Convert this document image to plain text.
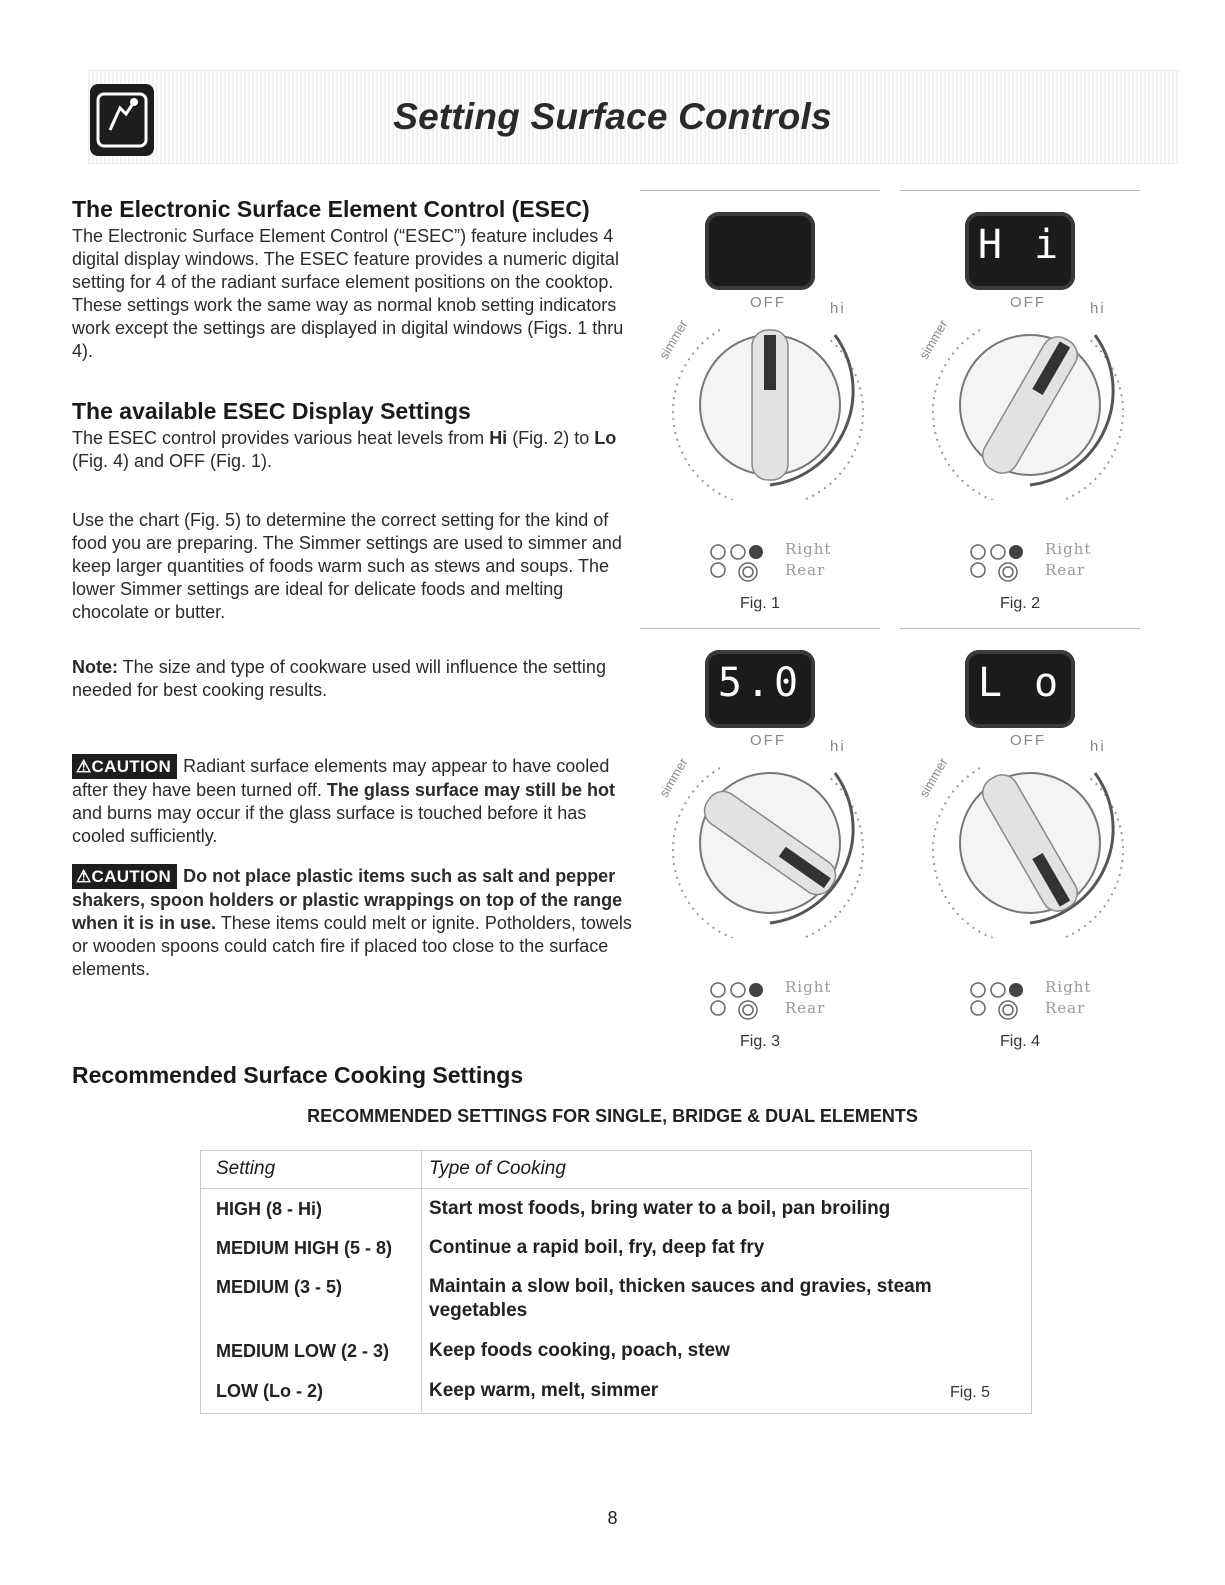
Setting Surface Controls

The Electronic Surface Element Control (ESEC)

The Electronic Surface Element Control (“ESEC”) feature includes 4 digital display windows. The ESEC feature provides a numeric digital setting for 4 of the radiant surface element positions on the cooktop. These settings work the same way as normal knob setting indicators work except the settings are displayed in digital windows (Figs. 1 thru 4).

The available ESEC Display Settings

The ESEC control provides various heat levels from Hi (Fig. 2) to Lo (Fig. 4) and OFF (Fig. 1).

Use the chart (Fig. 5) to determine the correct setting for the kind of food you are preparing. The Simmer settings are used to simmer and keep larger quantities of foods warm such as stews and soups. The lower Simmer settings are ideal for delicate foods and melting chocolate or butter.

Note: The size and type of cookware used will influence the setting needed for best cooking results.

⚠CAUTION Radiant surface elements may appear to have cooled after they have been turned off. The glass surface may still be hot and burns may occur if the glass surface is touched before it has cooled sufficiently.

⚠CAUTION Do not place plastic items such as salt and pepper shakers, spoon holders or plastic wrappings on top of the range when it is in use. These items could melt or ignite. Potholders, towels or wooden spoons could catch fire if placed too close to the surface elements.

OFF	hi
simmer
Right
Rear
Fig. 1
H i
OFF	hi
simmer
Right
Rear
Fig. 2
5.0
OFF	hi
simmer
Right
Rear
Fig. 3
L o
OFF	hi
simmer
Right
Rear
Fig. 4
Recommended Surface Cooking Settings
RECOMMENDED SETTINGS FOR SINGLE, BRIDGE & DUAL ELEMENTS
Setting	Type of Cooking
HIGH (8 - Hi)	Start most foods, bring water to a boil, pan broiling
MEDIUM HIGH (5 - 8) Continue a rapid boil, fry, deep fat fry
MEDIUM (3 - 5)	Maintain a slow boil, thicken sauces and gravies, steam vegetables
MEDIUM LOW (2 - 3) Keep foods cooking, poach, stew
LOW (Lo - 2)	Keep warm, melt, simmer	Fig. 5
8
